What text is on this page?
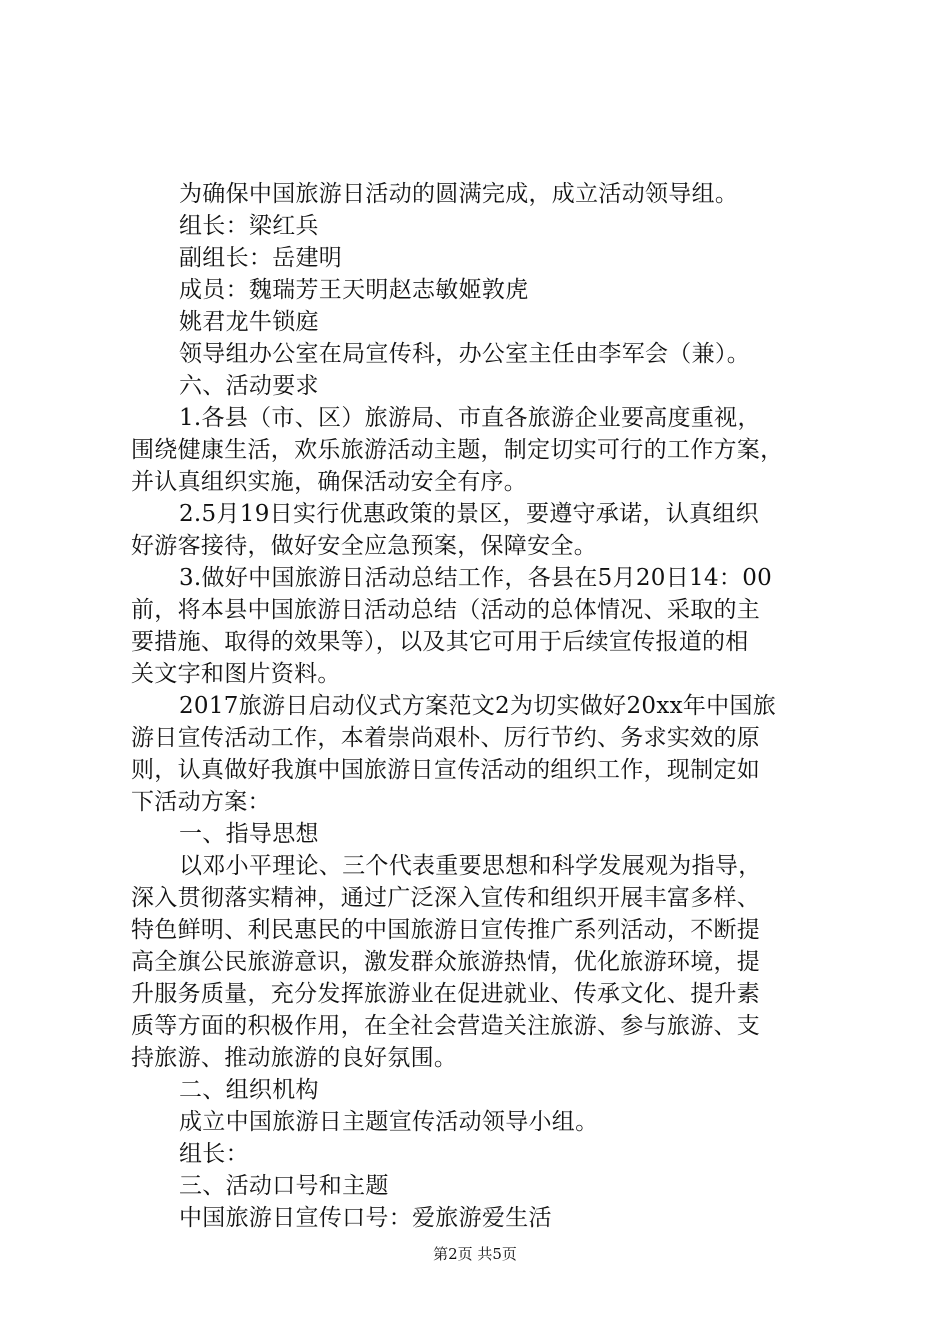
为确保中国旅游日活动的圆满完成，成立活动领导组。
组长：梁红兵
副组长：岳建明
成员：魏瑞芳王天明赵志敏姬敦虎
姚君龙牛锁庭
领导组办公室在局宣传科，办公室主任由李军会（兼）。
六、活动要求
1.各县（市、区）旅游局、市直各旅游企业要高度重视，
围绕健康生活，欢乐旅游活动主题，制定切实可行的工作方案，
并认真组织实施，确保活动安全有序。
2.5月19日实行优惠政策的景区，要遵守承诺，认真组织
好游客接待，做好安全应急预案，保障安全。
3.做好中国旅游日活动总结工作，各县在5月20日14：00
前，将本县中国旅游日活动总结（活动的总体情况、采取的主
要措施、取得的效果等），以及其它可用于后续宣传报道的相
关文字和图片资料。
2017旅游日启动仪式方案范文2为切实做好20xx年中国旅
游日宣传活动工作，本着崇尚艰朴、厉行节约、务求实效的原
则，认真做好我旗中国旅游日宣传活动的组织工作，现制定如
下活动方案：
一、指导思想
以邓小平理论、三个代表重要思想和科学发展观为指导，
深入贯彻落实精神，通过广泛深入宣传和组织开展丰富多样、
特色鲜明、利民惠民的中国旅游日宣传推广系列活动，不断提
高全旗公民旅游意识，激发群众旅游热情，优化旅游环境，提
升服务质量，充分发挥旅游业在促进就业、传承文化、提升素
质等方面的积极作用，在全社会营造关注旅游、参与旅游、支
持旅游、推动旅游的良好氛围。
二、组织机构
成立中国旅游日主题宣传活动领导小组。
组长：
三、活动口号和主题
中国旅游日宣传口号：爱旅游爱生活
第2页 共5页
